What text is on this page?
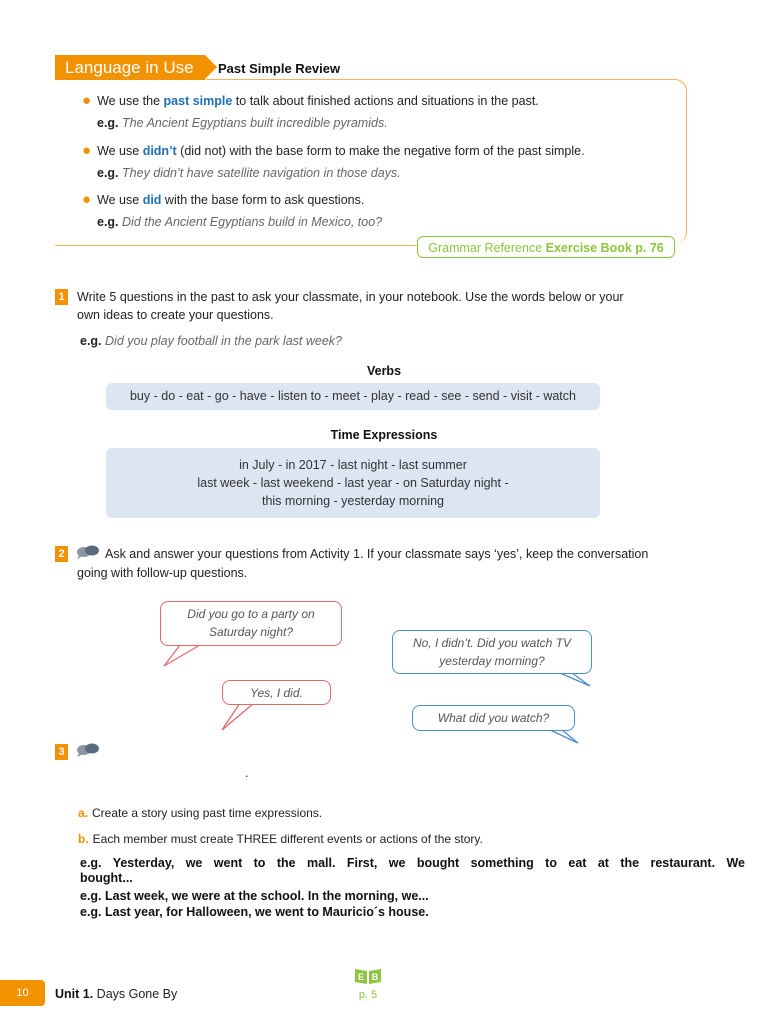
Language in Use	Past Simple Review
● We use the past simple to talk about finished actions and situations in the past.
e.g. The Ancient Egyptians built incredible pyramids.
● We use didn’t (did not) with the base form to make the negative form of the past simple.
e.g. They didn’t have satellite navigation in those days.
● We use did with the base form to ask questions.
e.g. Did the Ancient Egyptians build in Mexico, too?
Grammar Reference Exercise Book p. 76
1 Write 5 questions in the past to ask your classmate, in your notebook. Use the words below or your
own ideas to create your questions.
e.g. Did you play football in the park last week?
Verbs
buy - do - eat - go - have - listen to - meet - play - read - see - send - visit - watch
Time Expressions
in July - in 2017 - last night - last summer
last week - last weekend - last year - on Saturday night -
this morning - yesterday morning
2	Ask and answer your questions from Activity 1. If your classmate says ‘yes’, keep the conversation
going with follow-up questions.
Did you go to a party on Saturday night?
No, I didn’t. Did you watch TV yesterday morning?
Yes, I did.
What did you watch?
3
.
a. Create a story using past time expressions.
b. Each member must create THREE different events or actions of the story.
e.g. Yesterday, we went to the mall. First, we bought something to eat at the restaurant. We
bought...
e.g. Last week, we were at the school. In the morning, we...
e.g. Last year, for Halloween, we went to Mauricio´s house.
10	Unit 1. Days Gone By
E B
p. 5
